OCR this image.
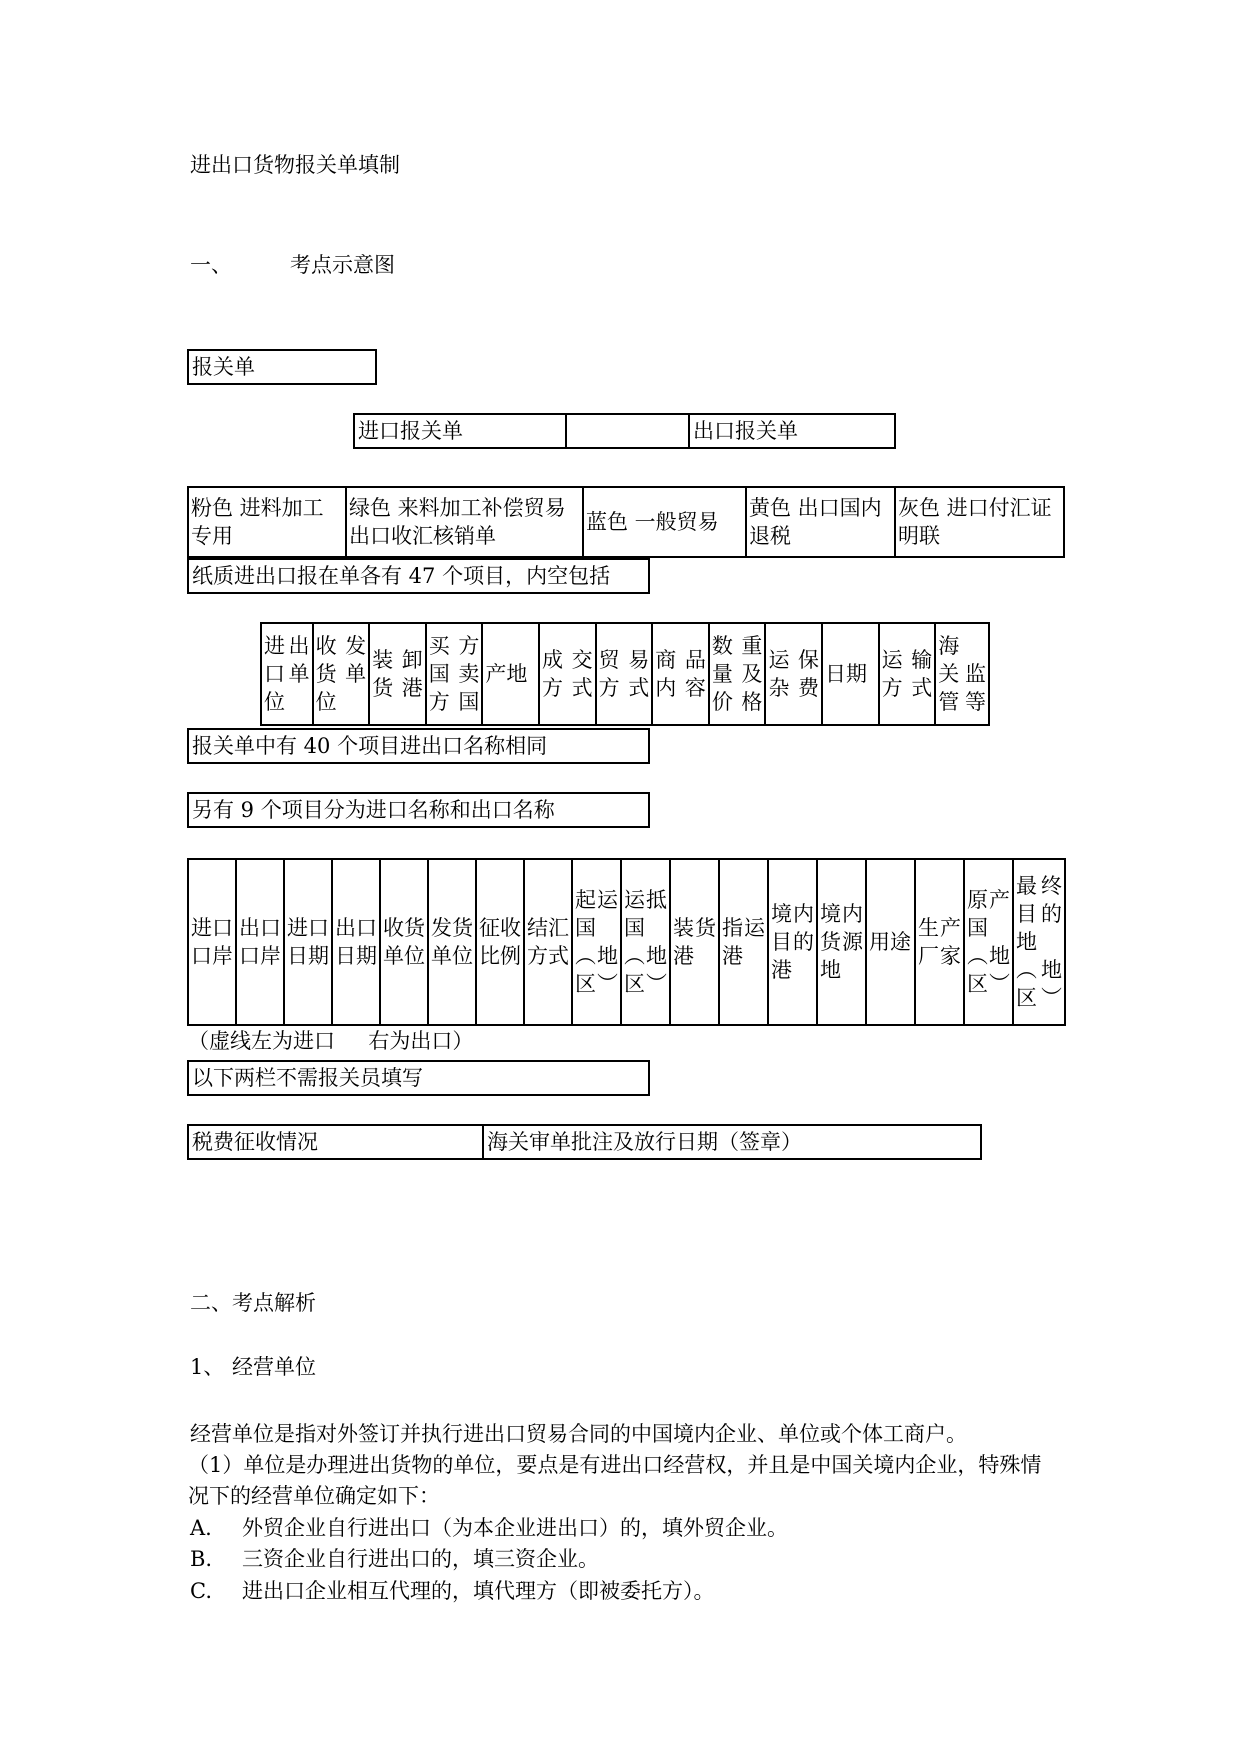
进出口货物报关单填制
一、	考点示意图
报关单
进口报关单	出口报关单
粉色 进料加工专用	绿色 来料加工补偿贸易出口收汇核销单	蓝色 一般贸易	黄色 出口国内退税	灰色 进口付汇证明联
纸质进出口报在单各有 47 个项目，内空包括
进出口单位	收 发货 单位	装 卸货港	买 方国 卖方国	产地	成 交方式	贸 易方式	商 品内容	数 重量 及价格	运 保杂费	日期	运 输方式	海 关监 管等
报关单中有 40 个项目进出口名称相同
另有 9 个项目分为进口名称和出口名称
进口口岸	出口口岸	进口日期	出口日期	收货单位	发货单位	征收比例	结汇方式	起运国︵地区︶	运抵国︵地区︶	装货港	指运港	境内目的港	境内货源地	用途	生产厂家	原产国︵地区︶	最终目的地︵地区︶
（虚线左为进口     右为出口）
以下两栏不需报关员填写
税费征收情况	海关审单批注及放行日期（签章）
二、考点解析
1、 经营单位
经营单位是指对外签订并执行进出口贸易合同的中国境内企业、单位或个体工商户。
（1）单位是办理进出货物的单位，要点是有进出口经营权，并且是中国关境内企业，特殊情况下的经营单位确定如下：
A. 外贸企业自行进出口（为本企业进出口）的，填外贸企业。
B. 三资企业自行进出口的，填三资企业。
C. 进出口企业相互代理的，填代理方（即被委托方）。
